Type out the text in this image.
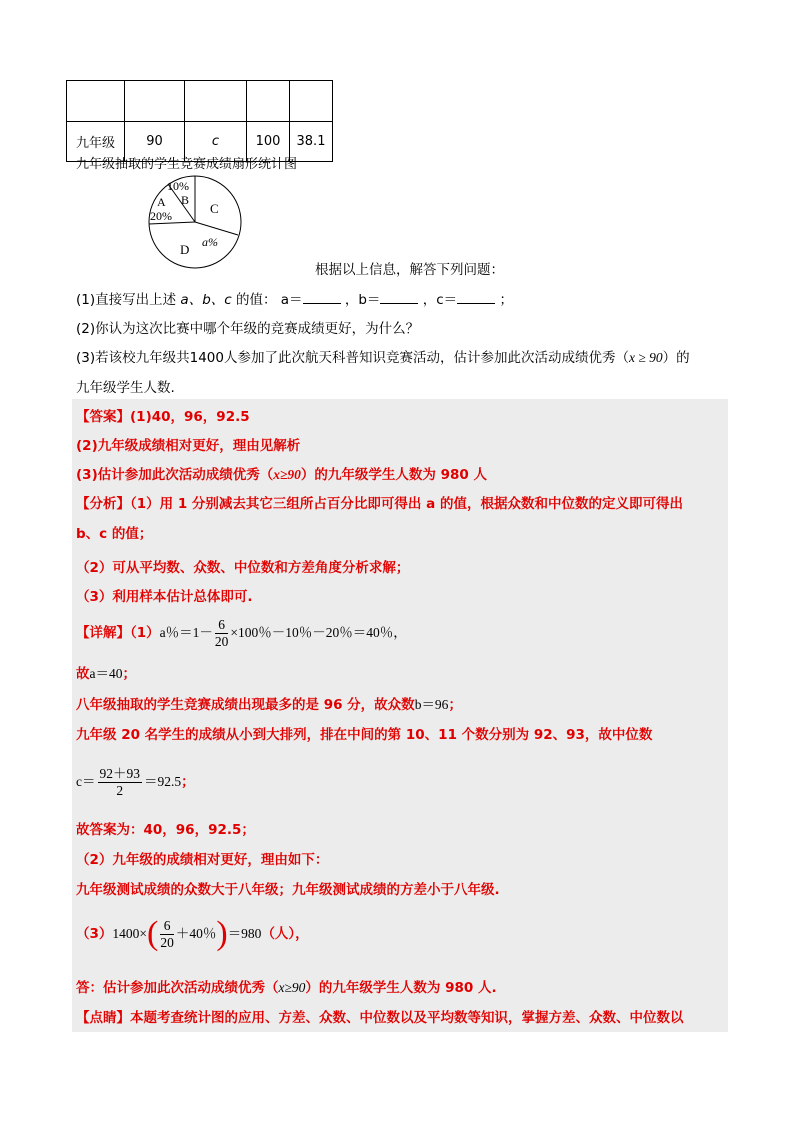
九年级	90	c	100	38.1
九年级抽取的学生竞赛成绩扇形统计图
10%
B
A
20%	C
D a%
根据以上信息，解答下列问题：
(1)直接写出上述 a、b、c 的值： a＝	，b＝	，c＝	；
(2)你认为这次比赛中哪个年级的竞赛成绩更好，为什么？
(3)若该校九年级共1400人参加了此次航天科普知识竞赛活动，估计参加此次活动成绩优秀（x ≥ 90）的
九年级学生人数.
【答案】(1)40，96，92.5
(2)九年级成绩相对更好，理由见解析
(3)估计参加此次活动成绩优秀（x≥90）的九年级学生人数为 980 人
【分析】（1）用 1 分别减去其它三组所占百分比即可得出 a 的值，根据众数和中位数的定义即可得出
b、c 的值；
（2）可从平均数、众数、中位数和方差角度分析求解；
（3）利用样本估计总体即可.
【详解】（1）a％$=1- \frac{6}{20} \times 100$％－10％－20％＝40％，
故a＝40；
八年级抽取的学生竞赛成绩出现最多的是 96 分，故众数b＝96；
九年级 20 名学生的成绩从小到大排列，排在中间的第 10、11 个数分别为 92、93，故中位数
$c= \frac{92+93}{2} =92.5$；
故答案为：40，96，92.5；
（2）九年级的成绩相对更好，理由如下：
九年级测试成绩的众数大于八年级；九年级测试成绩的方差小于八年级.
$(3)1400\times( \frac{6}{20} +40$％)＝980（人），
答：估计参加此次活动成绩优秀（x≥90）的九年级学生人数为 980 人.
【点睛】本题考查统计图的应用、方差、众数、中位数以及平均数等知识，掌握方差、众数、中位数以
